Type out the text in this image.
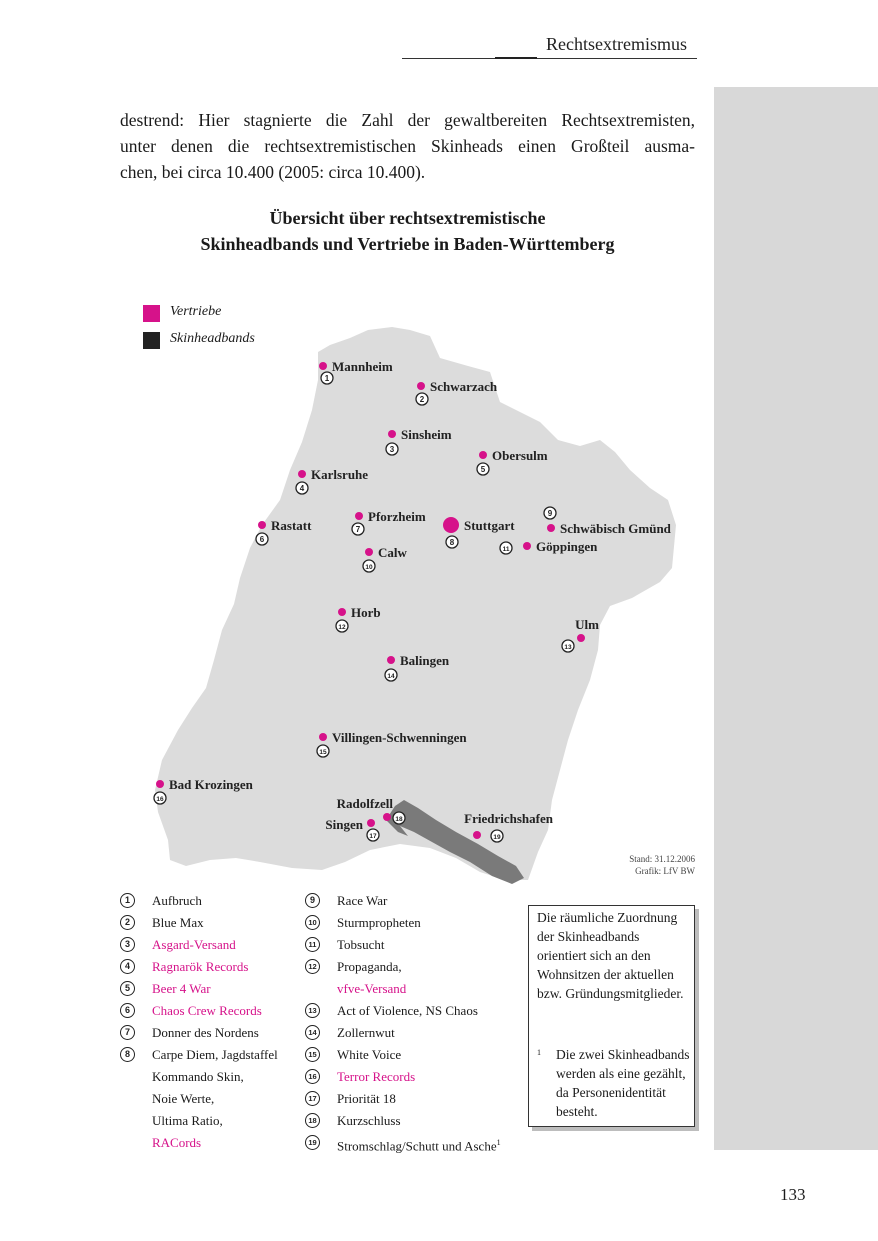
Rechtsextremismus
destrend: Hier stagnierte die Zahl der gewaltbereiten Rechtsextremisten,
unter denen die rechtsextremistischen Skinheads einen Großteil ausma-
chen, bei circa 10.400 (2005: circa 10.400).
Übersicht über rechtsextremistische
Skinheadbands und Vertriebe in Baden-Württemberg
Mannheim
1
Schwarzach
2
Sinsheim
3
Karlsruhe
4
Obersulm
5
Rastatt
6
Pforzheim
7	Stuttgart
8
Schwäbisch Gmünd
9
Calw
10
Göppingen
11
Horb
12	Ulm
13
Balingen
14
Villingen-Schwenningen
15
Bad Krozingen
16
Singen
17
Radolfzell
18	Friedrichshafen
19
Vertriebe
Skinheadbands
Stand: 31.12.2006
Grafik: LfV BW
1	Aufbruch
2	Blue Max
3	Asgard-Versand
4	Ragnarök Records
5	Beer 4 War
6	Chaos Crew Records
7	Donner des Nordens
8	Carpe Diem, Jagdstaffel
Kommando Skin,
Noie Werte,
Ultima Ratio,
RACords
9	Race War
10 Sturmpropheten
11 Tobsucht
12 Propaganda,
vfve-Versand
13 Act of Violence, NS Chaos
14 Zollernwut
15 White Voice
16 Terror Records
17 Priorität 18
18 Kurzschluss
19 Stromschlag/Schutt und Asche$^1$
Die räumliche Zuordnung der Skinheadbands orientiert sich an den Wohnsitzen der aktuellen bzw. Gründungsmitglieder.
1 Die zwei Skinheadbands werden als eine gezählt, da Personenidentität besteht.
133
